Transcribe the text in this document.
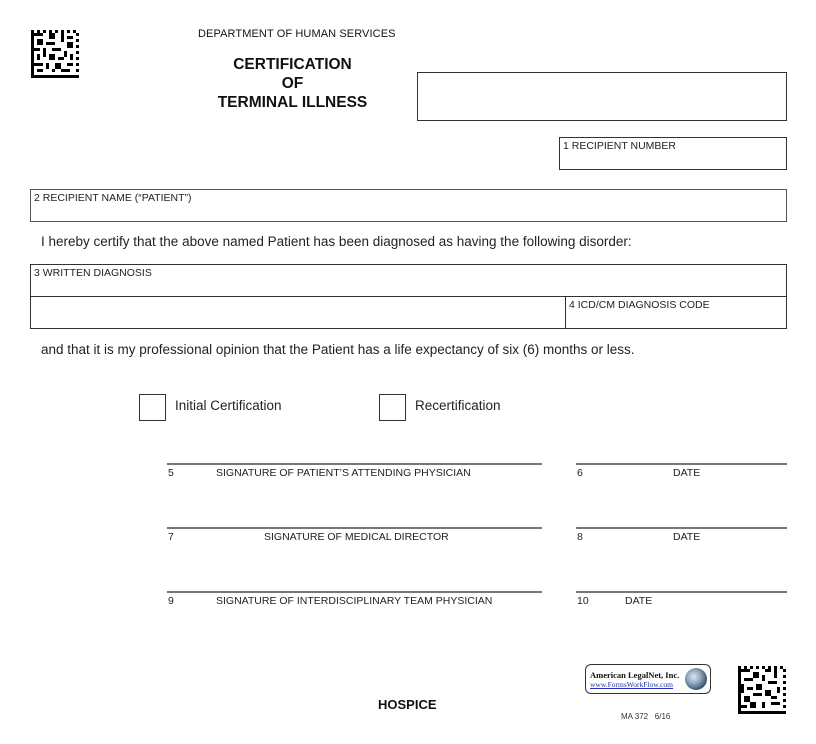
DEPARTMENT OF HUMAN SERVICES
CERTIFICATION
OF
TERMINAL ILLNESS
1 RECIPIENT NUMBER
2 RECIPIENT NAME (“PATIENT”)
I hereby certify that the above named Patient has been diagnosed as having the following disorder:
3 WRITTEN DIAGNOSIS
4 ICD/CM DIAGNOSIS CODE
and that it is my professional opinion that the Patient has a life expectancy of six (6) months or less.
Initial Certification	Recertification
5	SIGNATURE OF PATIENT’S ATTENDING PHYSICIAN	6	DATE
7	SIGNATURE OF MEDICAL DIRECTOR	8	DATE
9	SIGNATURE OF INTERDISCIPLINARY TEAM PHYSICIAN	10	DATE
HOSPICE
American LegalNet, Inc.
www.FormsWorkFlow.com
MA 372   6/16
